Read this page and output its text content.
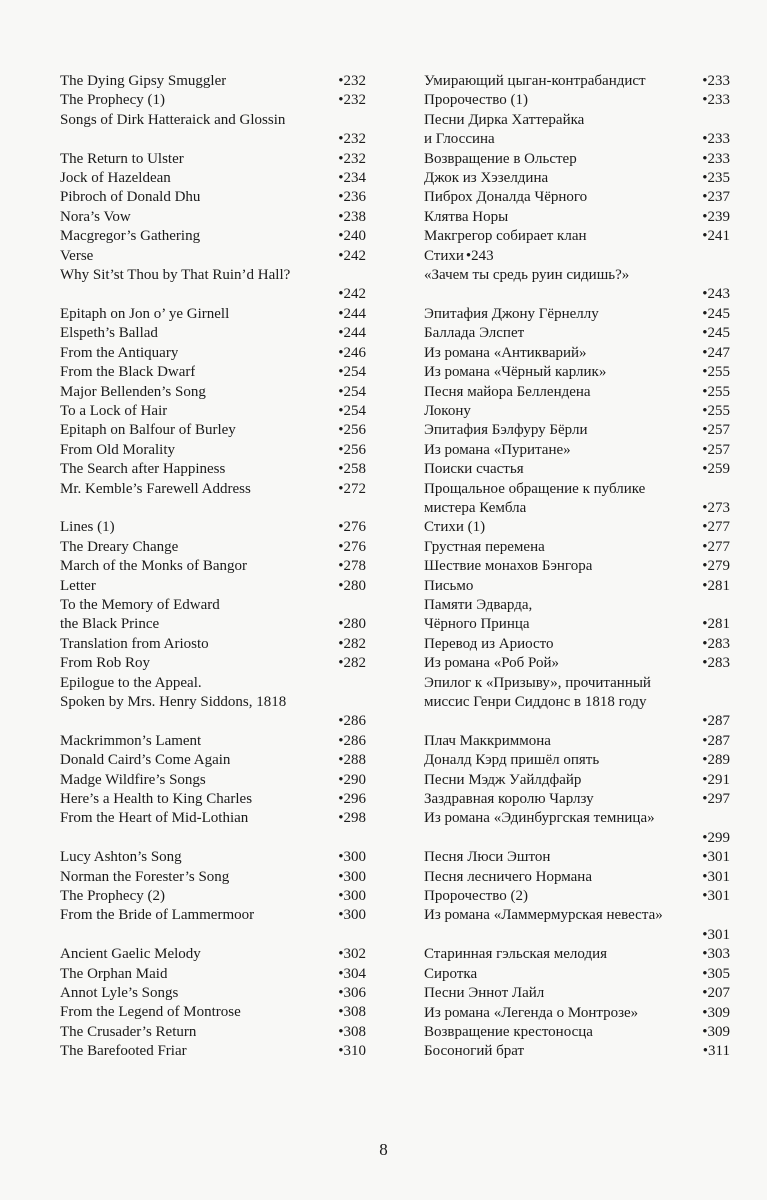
The Dying Gipsy Smuggler	•232
The Prophecy (1)	•232
Songs of Dirk Hatteraick and Glossin
•232
The Return to Ulster	•232
Jock of Hazeldean	•234
Pibroch of Donald Dhu	•236
Nora’s Vow	•238
Macgregor’s Gathering	•240
Verse	•242
Why Sit’st Thou by That Ruin’d Hall?
•242
Epitaph on Jon o’ ye Girnell	•244
Elspeth’s Ballad	•244
From the Antiquary	•246
From the Black Dwarf	•254
Major Bellenden’s Song	•254
To a Lock of Hair	•254
Epitaph on Balfour of Burley	•256
From Old Morality	•256
The Search after Happiness	•258
Mr. Kemble’s Farewell Address	•272
Lines (1)	•276
The Dreary Change	•276
March of the Monks of Bangor	•278
Letter	•280
To the Memory of Edward
the Black Prince	•280
Translation from Ariosto	•282
From Rob Roy	•282
Epilogue to the Appeal.
Spoken by Mrs. Henry Siddons, 1818
•286
Mackrimmon’s Lament	•286
Donald Caird’s Come Again	•288
Madge Wildfire’s Songs	•290
Here’s a Health to King Charles	•296
From the Heart of Mid-Lothian	•298
Lucy Ashton’s Song	•300
Norman the Forester’s Song	•300
The Prophecy (2)	•300
From the Bride of Lammermoor	•300
Ancient Gaelic Melody	•302
The Orphan Maid	•304
Annot Lyle’s Songs	•306
From the Legend of Montrose	•308
The Crusader’s Return	•308
The Barefooted Friar	•310
Умирающий цыган-контрабандист	•233
Пророчество (1)	•233
Песни Дирка Хаттерайка
и Глоссина	•233
Возвращение в Ольстер	•233
Джок из Хэзелдина	•235
Пиброх Доналда Чёрного	•237
Клятва Норы	•239
Макгрегор собирает клан	•241
Стихи •243
«Зачем ты средь руин сидишь?»
•243
Эпитафия Джону Гёрнеллу	•245
Баллада Элспет	•245
Из романа «Антикварий»	•247
Из романа «Чёрный карлик»	•255
Песня майора Беллендена	•255
Локону	•255
Эпитафия Бэлфуру Бёрли	•257
Из романа «Пуритане»	•257
Поиски счастья	•259
Прощальное обращение к публике
мистера Кембла	•273
Стихи (1)	•277
Грустная перемена	•277
Шествие монахов Бэнгора	•279
Письмо	•281
Памяти Эдварда,
Чёрного Принца	•281
Перевод из Ариосто	•283
Из романа «Роб Рой»	•283
Эпилог к «Призыву», прочитанный
миссис Генри Сиддонс в 1818 году
•287
Плач Маккриммона	•287
Доналд Кэрд пришёл опять	•289
Песни Мэдж Уайлдфайр	•291
Заздравная королю Чарлзу	•297
Из романа «Эдинбургская темница»
•299
Песня Люси Эштон	•301
Песня лесничего Нормана	•301
Пророчество (2)	•301
Из романа «Ламмермурская невеста»
•301
Старинная гэльская мелодия	•303
Сиротка	•305
Песни Эннот Лайл	•207
Из романа «Легенда о Монтрозе»	•309
Возвращение крестоносца	•309
Босоногий брат	•311
8
